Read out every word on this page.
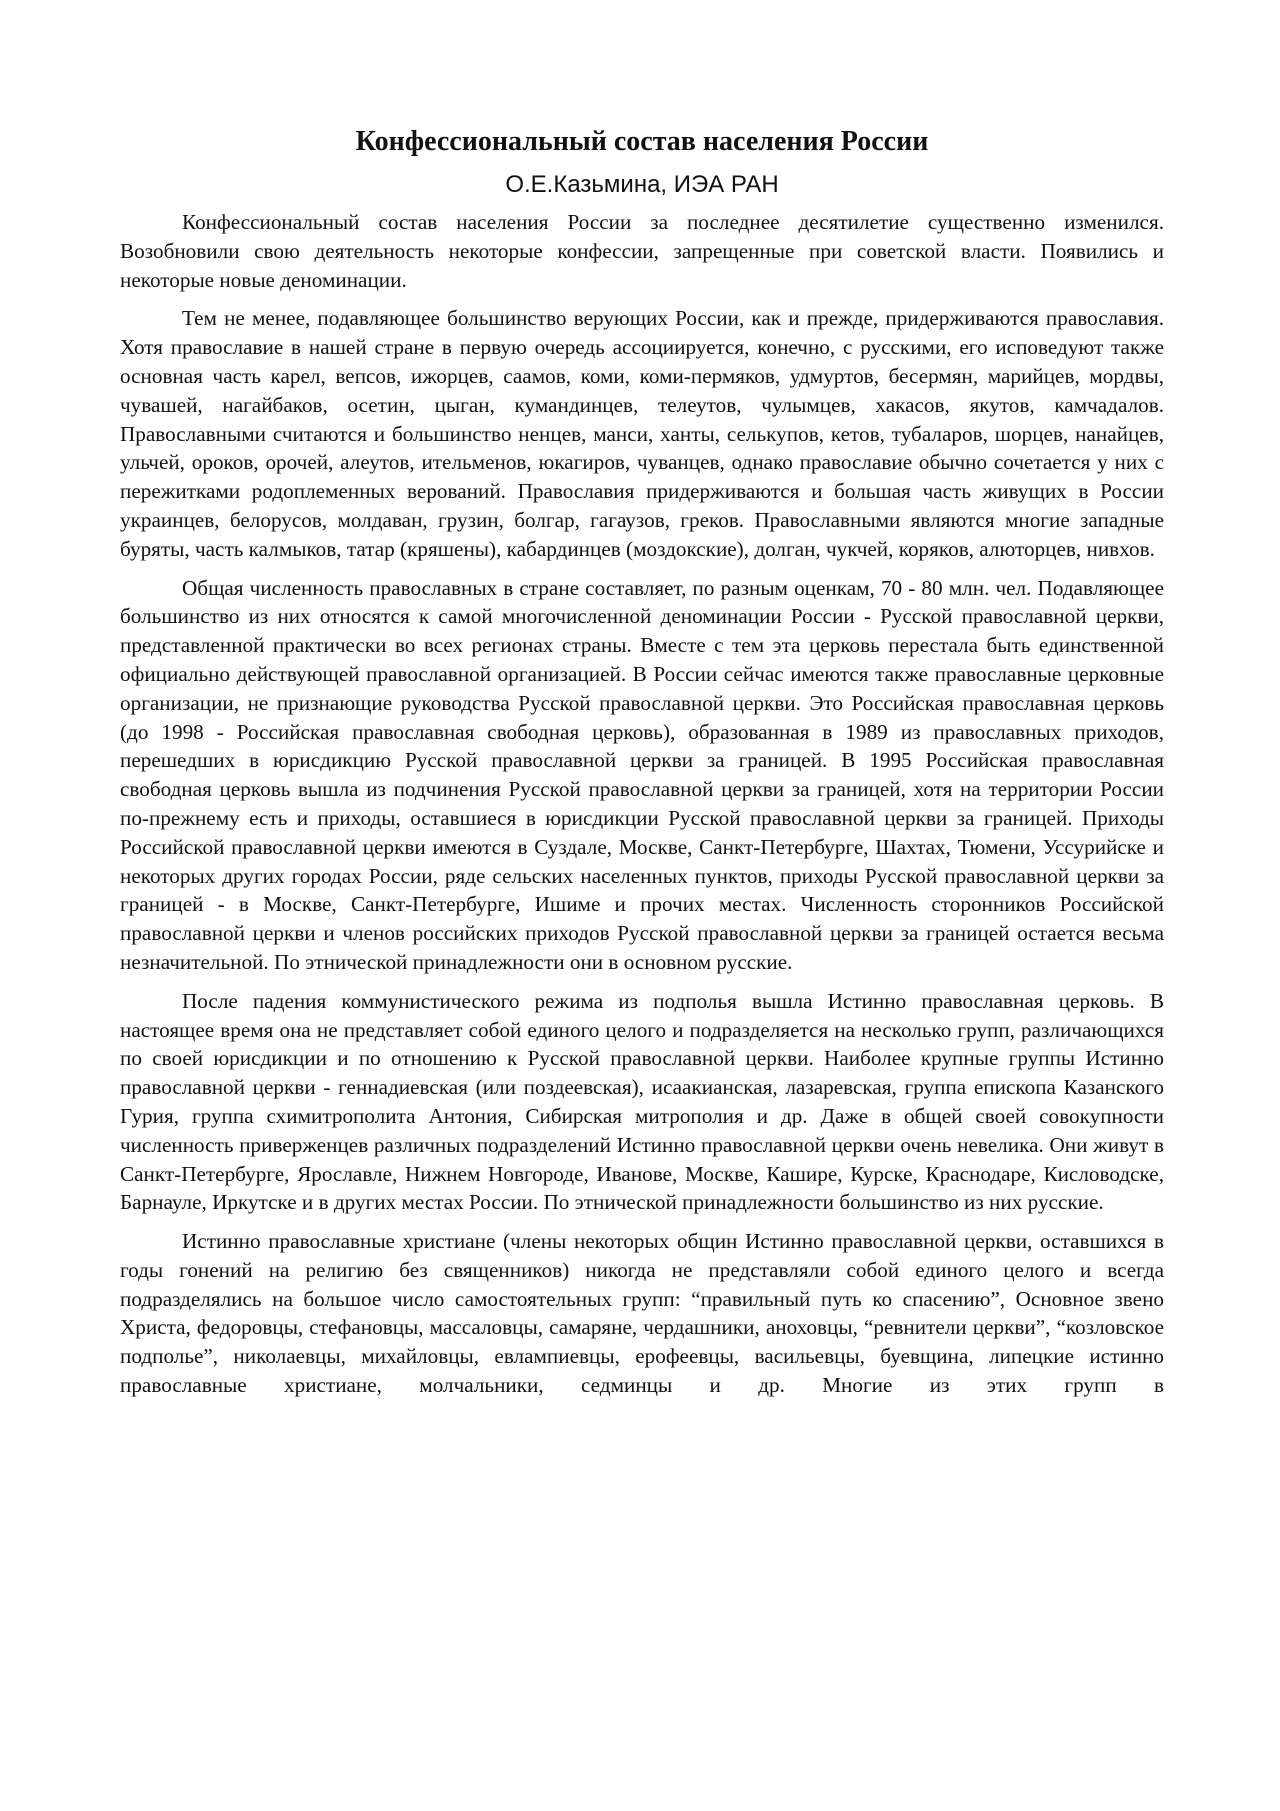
Конфессиональный состав населения России
О.Е.Казьмина, ИЭА РАН

Конфессиональный состав населения России за последнее десятилетие существенно изменился. Возобновили свою деятельность некоторые конфессии, запрещенные при советской власти. Появились и некоторые новые деноминации.

Тем не менее, подавляющее большинство верующих России, как и прежде, придерживаются православия. Хотя православие в нашей стране в первую очередь ассоциируется, конечно, с русскими, его исповедуют также основная часть карел, вепсов, ижорцев, саамов, коми, коми-пермяков, удмуртов, бесермян, марийцев, мордвы, чувашей, нагайбаков, осетин, цыган, кумандинцев, телеутов, чулымцев, хакасов, якутов, камчадалов. Православными считаются и большинство ненцев, манси, ханты, селькупов, кетов, тубаларов, шорцев, нанайцев, ульчей, ороков, орочей, алеутов, ительменов, юкагиров, чуванцев, однако православие обычно сочетается у них с пережитками родоплеменных верований. Православия придерживаются и большая часть живущих в России украинцев, белорусов, молдаван, грузин, болгар, гагаузов, греков. Православными являются многие западные буряты, часть калмыков, татар (кряшены), кабардинцев (моздокские), долган, чукчей, коряков, алюторцев, нивхов.

Общая численность православных в стране составляет, по разным оценкам, 70 - 80 млн. чел. Подавляющее большинство из них относятся к самой многочисленной деноминации России - Русской православной церкви, представленной практически во всех регионах страны. Вместе с тем эта церковь перестала быть единственной официально действующей православной организацией. В России сейчас имеются также православные церковные организации, не признающие руководства Русской православной церкви. Это Российская православная церковь (до 1998 - Российская православная свободная церковь), образованная в 1989 из православных приходов, перешедших в юрисдикцию Русской православной церкви за границей. В 1995 Российская православная свободная церковь вышла из подчинения Русской православной церкви за границей, хотя на территории России по-прежнему есть и приходы, оставшиеся в юрисдикции Русской православной церкви за границей. Приходы Российской православной церкви имеются в Суздале, Москве, Санкт-Петербурге, Шахтах, Тюмени, Уссурийске и некоторых других городах России, ряде сельских населенных пунктов, приходы Русской православной церкви за границей - в Москве, Санкт-Петербурге, Ишиме и прочих местах. Численность сторонников Российской православной церкви и членов российских приходов Русской православной церкви за границей остается весьма незначительной. По этнической принадлежности они в основном русские.

После падения коммунистического режима из подполья вышла Истинно православная церковь. В настоящее время она не представляет собой единого целого и подразделяется на несколько групп, различающихся по своей юрисдикции и по отношению к Русской православной церкви. Наиболее крупные группы Истинно православной церкви - геннадиевская (или поздеевская), исаакианская, лазаревская, группа епископа Казанского Гурия, группа схимитрополита Антония, Сибирская митрополия и др. Даже в общей своей совокупности численность приверженцев различных подразделений Истинно православной церкви очень невелика. Они живут в Санкт-Петербурге, Ярославле, Нижнем Новгороде, Иванове, Москве, Кашире, Курске, Краснодаре, Кисловодске, Барнауле, Иркутске и в других местах России. По этнической принадлежности большинство из них русские.

Истинно православные христиане (члены некоторых общин Истинно православной церкви, оставшихся в годы гонений на религию без священников) никогда не представляли собой единого целого и всегда подразделялись на большое число самостоятельных групп: “правильный путь ко спасению”, Основное звено Христа, федоровцы, стефановцы, массаловцы, самаряне, чердашники, аноховцы, “ревнители церкви”, “козловское подполье”, николаевцы, михайловцы, евлампиевцы, ерофеевцы, васильевцы, буевщина, липецкие истинно православные христиане, молчальники, седминцы и др. Многие из этих групп в
